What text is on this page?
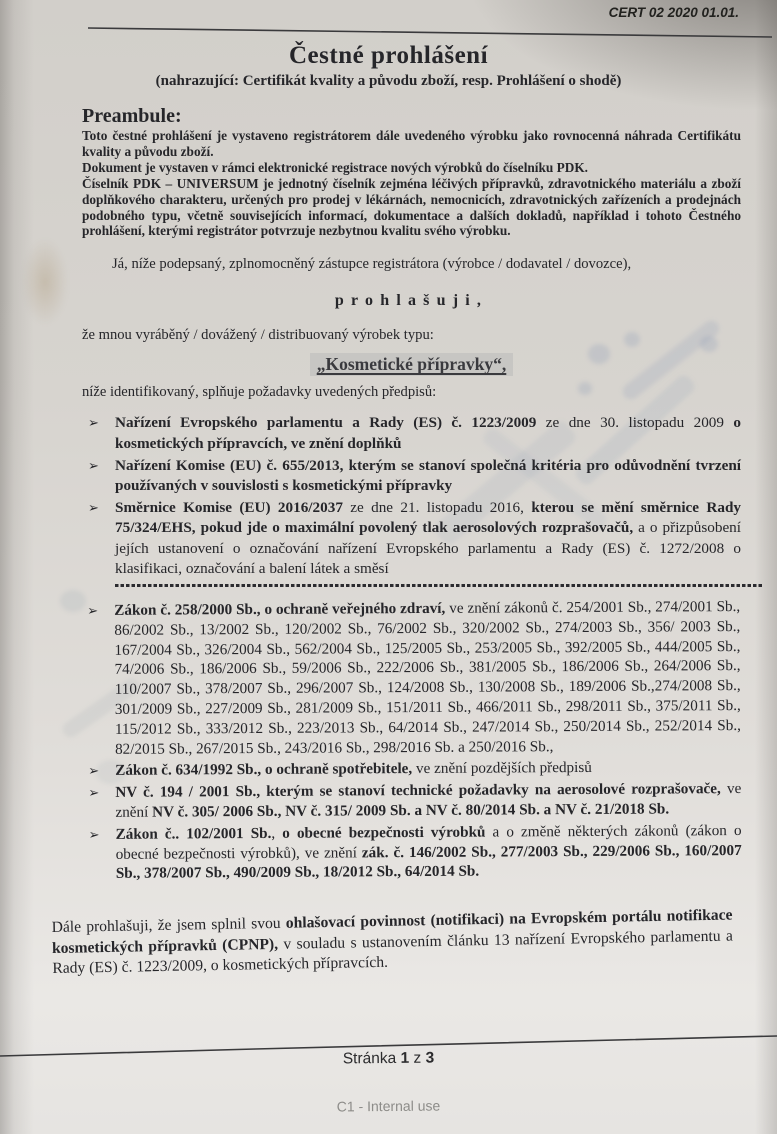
CERT 02 2020 01.01.
Čestné prohlášení
(nahrazující: Certifikát kvality a původu zboží, resp. Prohlášení o shodě)
Preambule:

Toto čestné prohlášení je vystaveno registrátorem dále uvedeného výrobku jako rovnocenná náhrada Certifikátu kvality a původu zboží.

Dokument je vystaven v rámci elektronické registrace nových výrobků do číselníku PDK.

Číselník PDK – UNIVERSUM je jednotný číselník zejména léčivých přípravků, zdravotnického materiálu a zboží doplňkového charakteru, určených pro prodej v lékárnách, nemocnicích, zdravotnických zařízeních a prodejnách podobného typu, včetně souvisejících informací, dokumentace a dalších dokladů, například i tohoto Čestného prohlášení, kterými registrátor potvrzuje nezbytnou kvalitu svého výrobku.

Já, níže podepsaný, zplnomocněný zástupce registrátora (výrobce / dodavatel / dovozce),

prohlašuji,

že mnou vyráběný / dovážený / distribuovaný výrobek typu:

„Kosmetické přípravky“,

níže identifikovaný, splňuje požadavky uvedených předpisů:

➢ Nařízení Evropského parlamentu a Rady (ES) č. 1223/2009 ze dne 30. listopadu 2009 o kosmetických přípravcích, ve znění doplňků
➢ Nařízení Komise (EU) č. 655/2013, kterým se stanoví společná kritéria pro odůvodnění tvrzení používaných v souvislosti s kosmetickými přípravky
➢ Směrnice Komise (EU) 2016/2037 ze dne 21. listopadu 2016, kterou se mění směrnice Rady 75/324/EHS, pokud jde o maximální povolený tlak aerosolových rozprašovačů, a o přizpůsobení jejích ustanovení o označování nařízení Evropského parlamentu a Rady (ES) č. 1272/2008 o klasifikaci, označování a balení látek a směsí
➢ Zákon č. 258/2000 Sb., o ochraně veřejného zdraví, ve znění zákonů č. 254/2001 Sb., 274/2001 Sb., 86/2002 Sb., 13/2002 Sb., 120/2002 Sb., 76/2002 Sb., 320/2002 Sb., 274/2003 Sb., 356/ 2003 Sb., 167/2004 Sb., 326/2004 Sb., 562/2004 Sb., 125/2005 Sb., 253/2005 Sb., 392/2005 Sb., 444/2005 Sb., 74/2006 Sb., 186/2006 Sb., 59/2006 Sb., 222/2006 Sb., 381/2005 Sb., 186/2006 Sb., 264/2006 Sb., 110/2007 Sb., 378/2007 Sb., 296/2007 Sb., 124/2008 Sb., 130/2008 Sb., 189/2006 Sb.,274/2008 Sb., 301/2009 Sb., 227/2009 Sb., 281/2009 Sb., 151/2011 Sb., 466/2011 Sb., 298/2011 Sb., 375/2011 Sb., 115/2012 Sb., 333/2012 Sb., 223/2013 Sb., 64/2014 Sb., 247/2014 Sb., 250/2014 Sb., 252/2014 Sb., 82/2015 Sb., 267/2015 Sb., 243/2016 Sb., 298/2016 Sb. a 250/2016 Sb.,
➢ Zákon č. 634/1992 Sb., o ochraně spotřebitele, ve znění pozdějších předpisů
➢ NV č. 194 / 2001 Sb., kterým se stanoví technické požadavky na aerosolové rozprašovače, ve znění NV č. 305/ 2006 Sb., NV č. 315/ 2009 Sb. a NV č. 80/2014 Sb. a NV č. 21/2018 Sb.
➢ Zákon č.. 102/2001 Sb., o obecné bezpečnosti výrobků a o změně některých zákonů (zákon o obecné bezpečnosti výrobků), ve znění zák. č. 146/2002 Sb., 277/2003 Sb., 229/2006 Sb., 160/2007 Sb., 378/2007 Sb., 490/2009 Sb., 18/2012 Sb., 64/2014 Sb.

Dále prohlašuji, že jsem splnil svou ohlašovací povinnost (notifikaci) na Evropském portálu notifikace kosmetických přípravků (CPNP), v souladu s ustanovením článku 13 nařízení Evropského parlamentu a Rady (ES) č. 1223/2009, o kosmetických přípravcích.

Stránka 1 z 3
C1 - Internal use
